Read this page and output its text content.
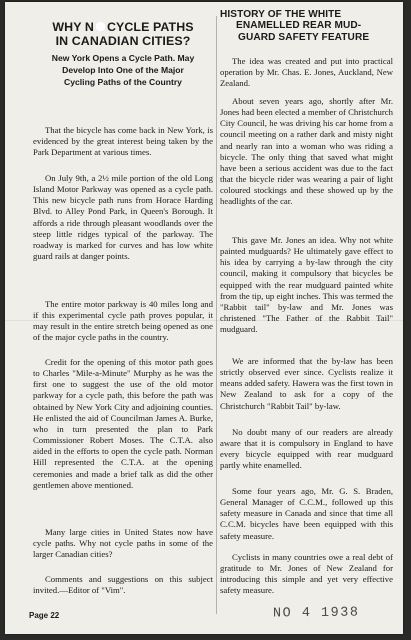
WHY N CYCLE PATHS
IN CANADIAN CITIES?
New York Opens a Cycle Path. May
Develop Into One of the Major
Cycling Paths of the Country

That the bicycle has come back in New York, is evidenced by the great interest being taken by the Park Department at various times.

On July 9th, a 2½ mile portion of the old Long Island Motor Parkway was opened as a cycle path. This new bicycle path runs from Horace Harding Blvd. to Alley Pond Park, in Queen's Borough. It affords a ride through pleasant woodlands over the steep little ridges typical of the parkway. The roadway is marked for curves and has low white guard rails at danger points.

The entire motor parkway is 40 miles long and if this experimental cycle path proves popular, it may result in the entire stretch being opened as one of the major cycle paths in the country.

Credit for the opening of this motor path goes to Charles "Mile-a-Minute" Murphy as he was the first one to suggest the use of the old motor parkway for a cycle path, this before the path was obtained by New York City and adjoining counties. He enlisted the aid of Councilman James A. Burke, who in turn presented the plan to Park Commissioner Robert Moses. The C.T.A. also aided in the efforts to open the cycle path. Norman Hill represented the C.T.A. at the opening ceremonies and made a brief talk as did the other gentlemen above mentioned.

Many large cities in United States now have cycle paths. Why not cycle paths in some of the larger Canadian cities?

Comments and suggestions on this subject invited.—Editor of "Vim".

HISTORY OF THE WHITE
ENAMELLED REAR MUD-
GUARD SAFETY FEATURE

The idea was created and put into practical operation by Mr. Chas. E. Jones, Auckland, New Zealand.

About seven years ago, shortly after Mr. Jones had been elected a member of Christchurch City Council, he was driving his car home from a council meeting on a rather dark and misty night and nearly ran into a woman who was riding a bicycle. The only thing that saved what might have been a serious accident was due to the fact that the bicycle rider was wearing a pair of light coloured stockings and these showed up by the headlights of the car.

This gave Mr. Jones an idea. Why not white painted mudguards? He ultimately gave effect to his idea by carrying a by-law through the city council, making it compulsory that bicycles be equipped with the rear mudguard painted white from the tip, up eight inches. This was termed the "Rabbit tail" by-law and Mr. Jones was christened "The Father of the Rabbit Tail" mudguard.

We are informed that the by-law has been strictly observed ever since. Cyclists realize it means added safety. Hawera was the first town in New Zealand to ask for a copy of the Christchurch "Rabbit Tail" by-law.

No doubt many of our readers are already aware that it is compulsory in England to have every bicycle equipped with rear mudguard partly white enamelled.

Some four years ago, Mr. G. S. Braden, General Manager of C.C.M., followed up this safety measure in Canada and since that time all C.C.M. bicycles have been equipped with this safety measure.

Cyclists in many countries owe a real debt of gratitude to Mr. Jones of New Zealand for introducing this simple and yet very effective safety measure.

Page 22	NO 4 1938
